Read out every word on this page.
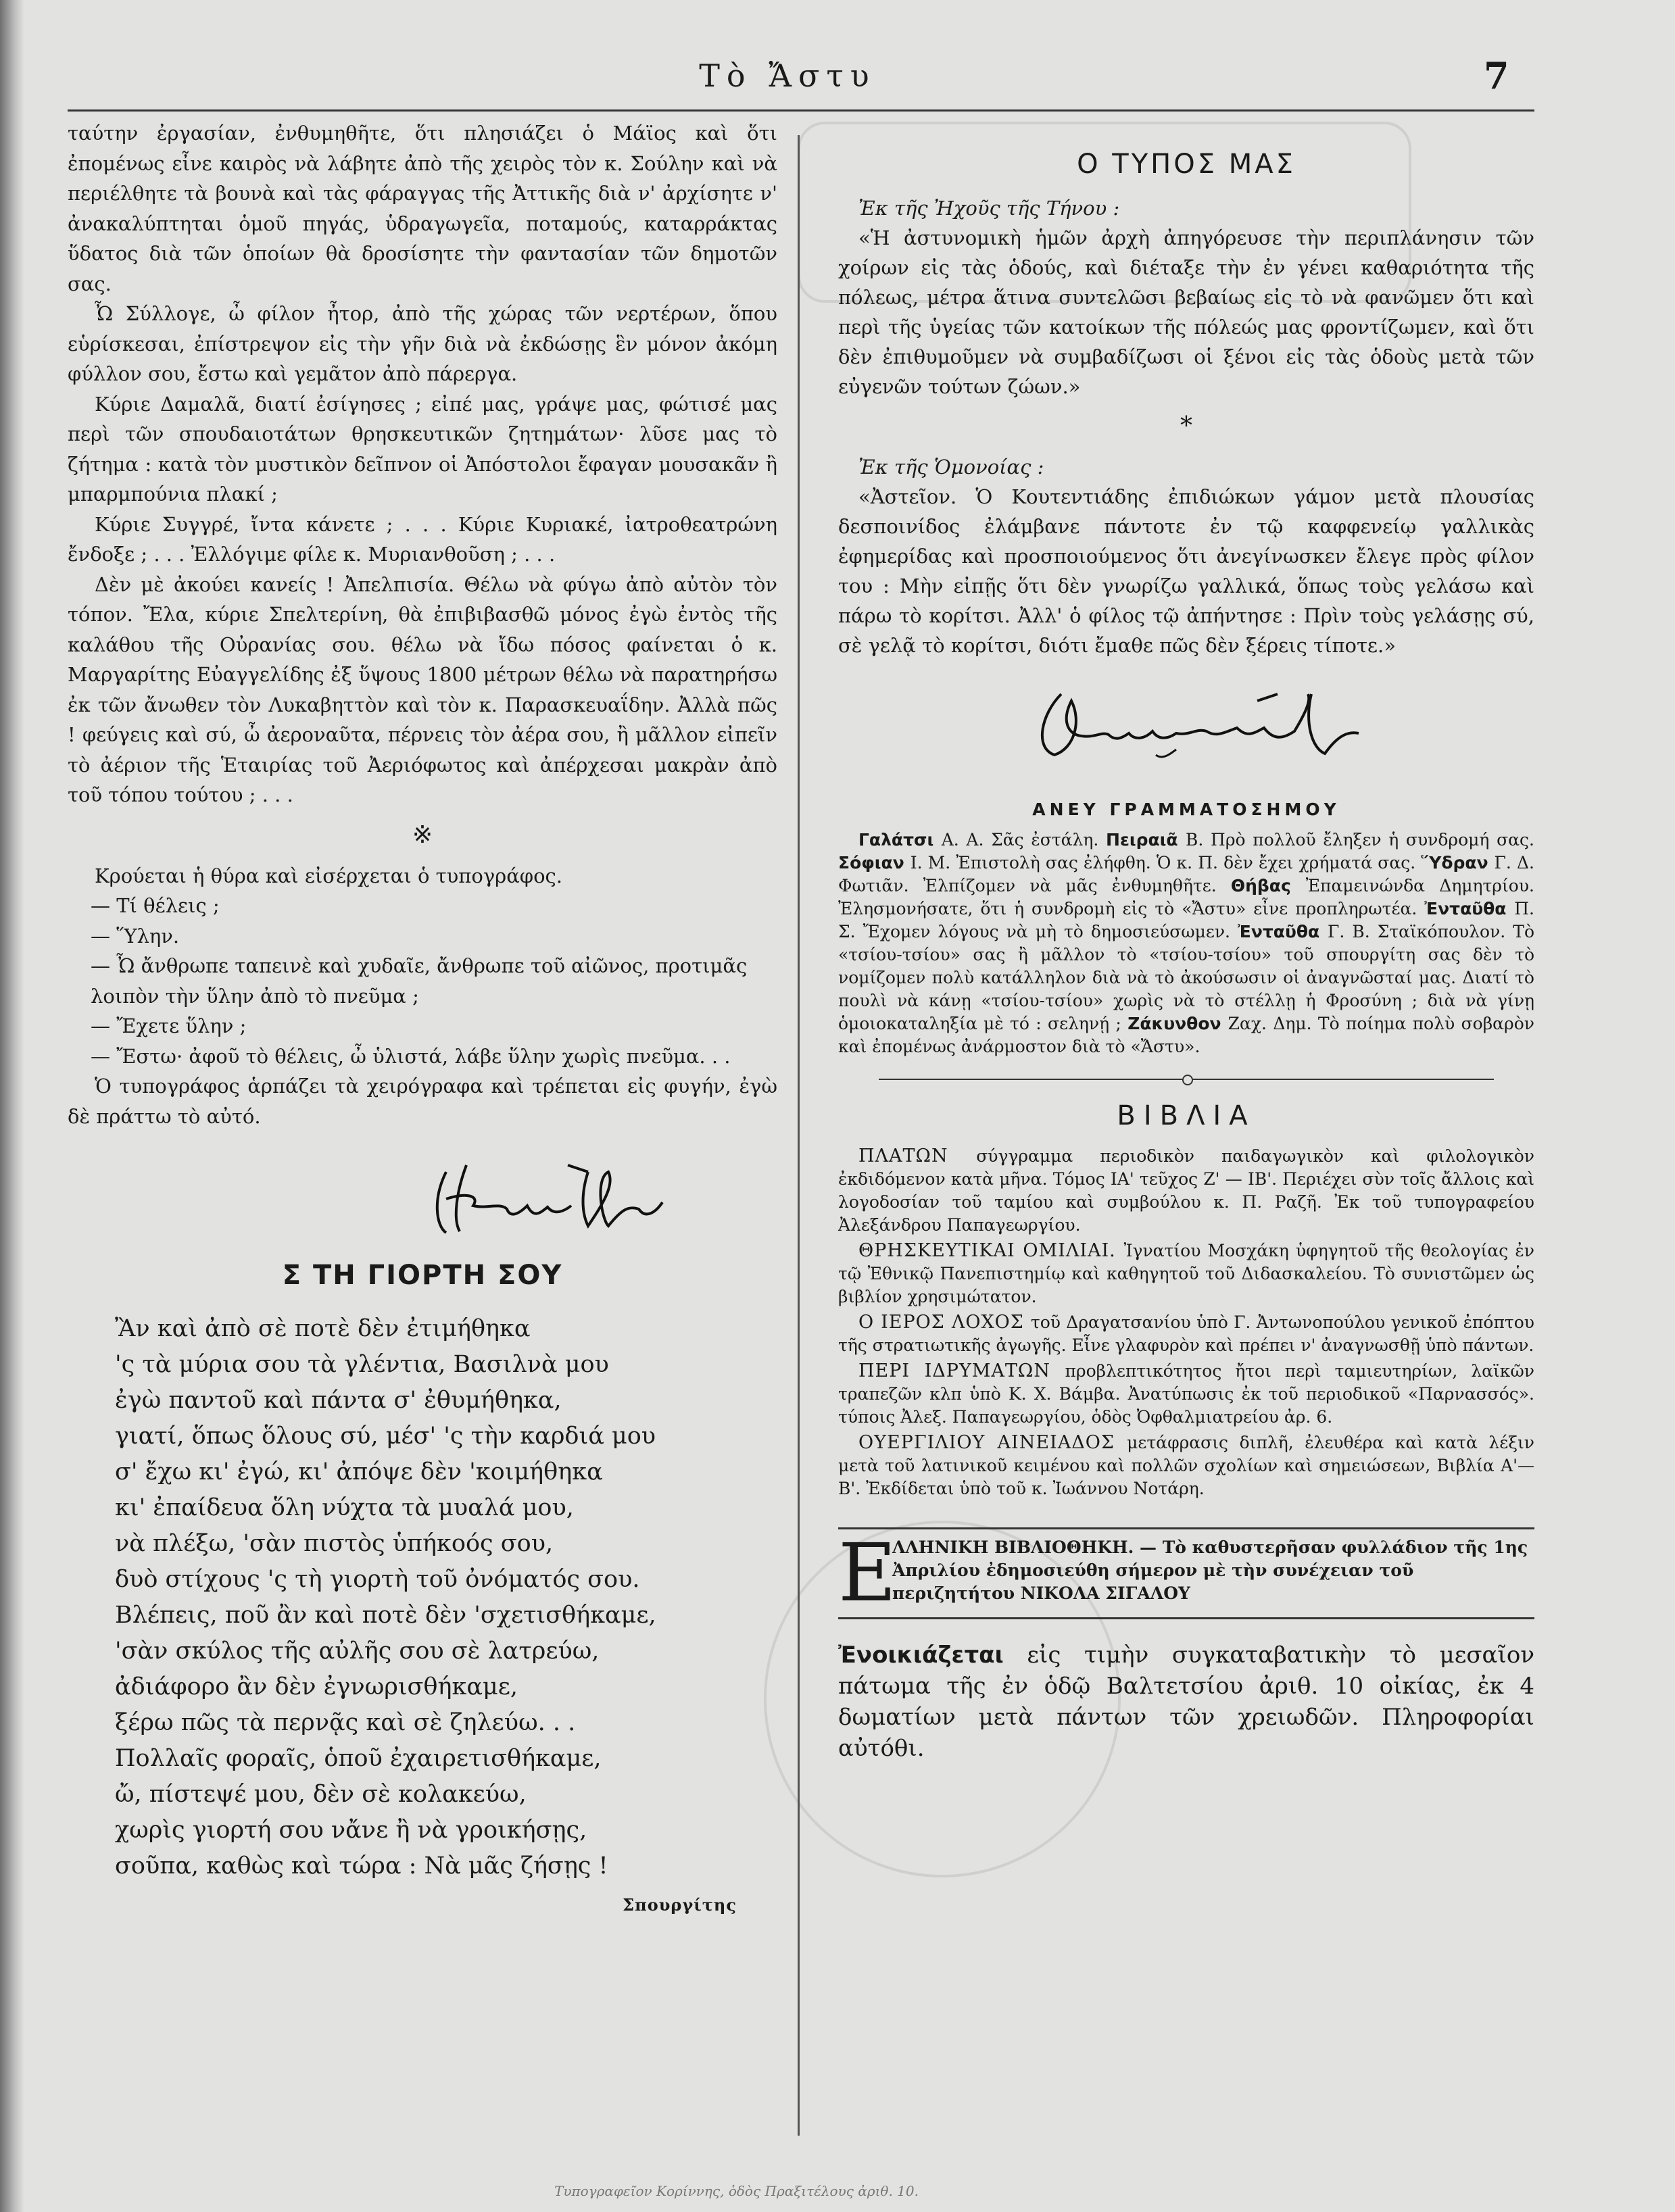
Τὸ Ἄστυ	7

ταύτην ἐργασίαν, ἐνθυμηθῆτε, ὅτι πλησιάζει ὁ Μάϊος καὶ ὅτι ἐπομένως εἶνε καιρὸς νὰ λάβητε ἀπὸ τῆς χειρὸς τὸν κ. Σούλην καὶ νὰ περιέλθητε τὰ βουνὰ καὶ τὰς φάραγγας τῆς Ἀττικῆς διὰ ν' ἀρχίσητε ν' ἀνακαλύπτηται ὁμοῦ πηγάς, ὑδραγωγεῖα, ποταμούς, καταρράκτας ὕδατος διὰ τῶν ὁποίων θὰ δροσίσητε τὴν φαντασίαν τῶν δημοτῶν σας.

Ὦ Σύλλογε, ὦ φίλον ἦτορ, ἀπὸ τῆς χώρας τῶν νερτέρων, ὅπου εὑρίσκεσαι, ἐπίστρεψον εἰς τὴν γῆν διὰ νὰ ἐκδώσῃς ἓν μόνον ἀκόμη φύλλον σου, ἔστω καὶ γεμᾶτον ἀπὸ πάρεργα.

Κύριε Δαμαλᾶ, διατί ἐσίγησες ; εἰπέ μας, γράψε μας, φώτισέ μας περὶ τῶν σπουδαιοτάτων θρησκευτικῶν ζητημάτων· λῦσε μας τὸ ζήτημα : κατὰ τὸν μυστικὸν δεῖπνον οἱ Ἀπόστολοι ἔφαγαν μουσακᾶν ἢ μπαρμπούνια πλακί ;

Κύριε Συγγρέ, ἴντα κάνετε ; . . . Κύριε Κυριακέ, ἰατροθεατρώνη ἔνδοξε ; . . . Ἐλλόγιμε φίλε κ. Μυριανθοῦση ; . . .

Δὲν μὲ ἀκούει κανείς ! Ἀπελπισία. Θέλω νὰ φύγω ἀπὸ αὐτὸν τὸν τόπον. Ἔλα, κύριε Σπελτερίνη, θὰ ἐπιβιβασθῶ μόνος ἐγὼ ἐντὸς τῆς καλάθου τῆς Οὐρανίας σου. θέλω νὰ ἴδω πόσος φαίνεται ὁ κ. Μαργαρίτης Εὐαγγελίδης ἐξ ὕψους 1800 μέτρων θέλω νὰ παρατηρήσω ἐκ τῶν ἄνωθεν τὸν Λυκαβηττὸν καὶ τὸν κ. Παρασκευαΐδην. Ἀλλὰ πῶς ! φεύγεις καὶ σύ, ὦ ἀεροναῦτα, πέρνεις τὸν ἀέρα σου, ἢ μᾶλλον εἰπεῖν τὸ ἀέριον τῆς Ἑταιρίας τοῦ Ἀεριόφωτος καὶ ἀπέρχεσαι μακρὰν ἀπὸ τοῦ τόπου τούτου ; . . .

※

Κρούεται ἡ θύρα καὶ εἰσέρχεται ὁ τυπογράφος.

— Τί θέλεις ;
— Ὕλην.
— Ὦ ἄνθρωπε ταπεινὲ καὶ χυδαῖε, ἄνθρωπε τοῦ αἰῶνος, προτιμᾶς λοιπὸν τὴν ὕλην ἀπὸ τὸ πνεῦμα ;
— Ἔχετε ὕλην ;
— Ἔστω· ἀφοῦ τὸ θέλεις, ὦ ὑλιστά, λάβε ὕλην χωρὶς πνεῦμα. . .

Ὁ τυπογράφος ἁρπάζει τὰ χειρόγραφα καὶ τρέπεται εἰς φυγήν, ἐγὼ δὲ πράττω τὸ αὐτό.

Σ ΤΗ ΓΙΟΡΤΗ ΣΟΥ
Ἂν καὶ ἀπὸ σὲ ποτὲ δὲν ἐτιμήθηκα
'ς τὰ μύρια σου τὰ γλέντια, Βασιλνὰ μου
ἐγὼ παντοῦ καὶ πάντα σ' ἐθυμήθηκα,
γιατί, ὅπως ὅλους σύ, μέσ' 'ς τὴν καρδιά μου
σ' ἔχω κι' ἐγώ, κι' ἀπόψε δὲν 'κοιμήθηκα
κι' ἐπαίδευα ὅλη νύχτα τὰ μυαλά μου,
νὰ πλέξω, 'σὰν πιστὸς ὑπήκοός σου,
δυὸ στίχους 'ς τὴ γιορτὴ τοῦ ὀνόματός σου.
Βλέπεις, ποῦ ἂν καὶ ποτὲ δὲν 'σχετισθήκαμε,
'σὰν σκύλος τῆς αὐλῆς σου σὲ λατρεύω,
ἀδιάφορο ἂν δὲν ἐγνωρισθήκαμε,
ξέρω πῶς τὰ περνᾷς καὶ σὲ ζηλεύω. . .
Πολλαῖς φοραῖς, ὁποῦ ἐχαιρετισθήκαμε,
ὤ, πίστεψέ μου, δὲν σὲ κολακεύω,
χωρὶς γιορτή σου νἄνε ἢ νὰ γροικήσῃς,
σοῦπα, καθὼς καὶ τώρα : Νὰ μᾶς ζήσῃς !
Σπουργίτης
Ο ΤΥΠΟΣ ΜΑΣ
Ἐκ τῆς Ἠχοῦς τῆς Τήνου :

«Ἡ ἀστυνομικὴ ἡμῶν ἀρχὴ ἀπηγόρευσε τὴν περιπλάνησιν τῶν χοίρων εἰς τὰς ὁδούς, καὶ διέταξε τὴν ἐν γένει καθαριότητα τῆς πόλεως, μέτρα ἅτινα συντελῶσι βεβαίως εἰς τὸ νὰ φανῶμεν ὅτι καὶ περὶ τῆς ὑγείας τῶν κατοίκων τῆς πόλεώς μας φροντίζωμεν, καὶ ὅτι δὲν ἐπιθυμοῦμεν νὰ συμβαδίζωσι οἱ ξένοι εἰς τὰς ὁδοὺς μετὰ τῶν εὐγενῶν τούτων ζώων.»

*
Ἐκ τῆς Ὁμονοίας :

«Ἀστεῖον. Ὁ Κουτεντιάδης ἐπιδιώκων γάμον μετὰ πλουσίας δεσποινίδος ἐλάμβανε πάντοτε ἐν τῷ καφφενείῳ γαλλικὰς ἐφημερίδας καὶ προσποιούμενος ὅτι ἀνεγίνωσκεν ἔλεγε πρὸς φίλον του : Μὴν εἰπῇς ὅτι δὲν γνωρίζω γαλλικά, ὅπως τοὺς γελάσω καὶ πάρω τὸ κορίτσι. Ἀλλ' ὁ φίλος τῷ ἀπήντησε : Πρὶν τοὺς γελάσῃς σύ, σὲ γελᾷ τὸ κορίτσι, διότι ἔμαθε πῶς δὲν ξέρεις τίποτε.»

ΑΝΕΥ ΓΡΑΜΜΑΤΟΣΗΜΟΥ

Γαλάτσι Α. Α. Σᾶς ἐστάλη. Πειραιᾶ Β. Πρὸ πολλοῦ ἔληξεν ἡ συνδρομή σας. Σόφιαν Ι. Μ. Ἐπιστολὴ σας ἐλήφθη. Ὁ κ. Π. δὲν ἔχει χρήματά σας. Ὕδραν Γ. Δ. Φωτιᾶν. Ἐλπίζομεν νὰ μᾶς ἐνθυμηθῆτε. Θήβας Ἐπαμεινώνδα Δημητρίου. Ἐλησμονήσατε, ὅτι ἡ συνδρομὴ εἰς τὸ «Ἄστυ» εἶνε προπληρωτέα. Ἐνταῦθα Π. Σ. Ἔχομεν λόγους νὰ μὴ τὸ δημοσιεύσωμεν. Ἐνταῦθα Γ. Β. Σταϊκόπουλον. Τὸ «τσίου-τσίου» σας ἢ μᾶλλον τὸ «τσίου-τσίου» τοῦ σπουργίτη σας δὲν τὸ νομίζομεν πολὺ κατάλληλον διὰ νὰ τὸ ἀκούσωσιν οἱ ἀναγνῶσταί μας. Διατί τὸ πουλὶ νὰ κάνῃ «τσίου-τσίου» χωρὶς νὰ τὸ στέλλῃ ἡ Φροσύνη ; διὰ νὰ γίνῃ ὁμοιοκαταληξία μὲ τό : σεληνῄ ; Ζάκυνθον Ζαχ. Δημ. Τὸ ποίημα πολὺ σοβαρὸν καὶ ἐπομένως ἀνάρμοστον διὰ τὸ «Ἄστυ».

ΒΙΒΛΙΑ

ΠΛΑΤΩΝ σύγγραμμα περιοδικὸν παιδαγωγικὸν καὶ φιλολογικὸν ἐκδιδόμενον κατὰ μῆνα. Τόμος ΙΑ' τεῦχος Ζ' — ΙΒ'. Περιέχει σὺν τοῖς ἄλλοις καὶ λογοδοσίαν τοῦ ταμίου καὶ συμβούλου κ. Π. Ραζῆ. Ἐκ τοῦ τυπογραφείου Ἀλεξάνδρου Παπαγεωργίου.

ΘΡΗΣΚΕΥΤΙΚΑΙ ΟΜΙΛΙΑΙ. Ἰγνατίου Μοσχάκη ὑφηγητοῦ τῆς θεολογίας ἐν τῷ Ἐθνικῷ Πανεπιστημίῳ καὶ καθηγητοῦ τοῦ Διδασκαλείου. Τὸ συνιστῶμεν ὡς βιβλίον χρησιμώτατον.

Ο ΙΕΡΟΣ ΛΟΧΟΣ τοῦ Δραγατσανίου ὑπὸ Γ. Ἀντωνοπούλου γενικοῦ ἐπόπτου τῆς στρατιωτικῆς ἀγωγῆς. Εἶνε γλαφυρὸν καὶ πρέπει ν' ἀναγνωσθῇ ὑπὸ πάντων.

ΠΕΡΙ ΙΔΡΥΜΑΤΩΝ προβλεπτικότητος ἤτοι περὶ ταμιευτηρίων, λαϊκῶν τραπεζῶν κλπ ὑπὸ Κ. Χ. Βάμβα. Ἀνατύπωσις ἐκ τοῦ περιοδικοῦ «Παρνασσός». τύποις Ἀλεξ. Παπαγεωργίου, ὁδὸς Ὀφθαλμιατρείου ἀρ. 6.

ΟΥΕΡΓΙΛΙΟΥ ΑΙΝΕΙΑΔΟΣ μετάφρασις διπλῆ, ἐλευθέρα καὶ κατὰ λέξιν μετὰ τοῦ λατινικοῦ κειμένου καὶ πολλῶν σχολίων καὶ σημειώσεων, Βιβλία Α'—Β'. Ἐκδίδεται ὑπὸ τοῦ κ. Ἰωάννου Νοτάρη.

Ε
ΛΛΗΝΙΚΗ ΒΙΒΛΙΟΘΗΚΗ. — Τὸ καθυστερῆσαν φυλλάδιον τῆς 1ης Ἀπριλίου ἐδημοσιεύθη σήμερον μὲ τὴν συνέχειαν τοῦ περιζητήτου ΝΙΚΟΛΑ ΣΙΓΑΛΟΥ

Ἐνοικιάζεται εἰς τιμὴν συγκαταβατικὴν τὸ μεσαῖον πάτωμα τῆς ἐν ὁδῷ Βαλτετσίου ἀριθ. 10 οἰκίας, ἐκ 4 δωματίων μετὰ πάντων τῶν χρειωδῶν. Πληροφορίαι αὐτόθι.

Τυπογραφεῖον Κορίννης, ὁδὸς Πραξιτέλους ἀριθ. 10.
